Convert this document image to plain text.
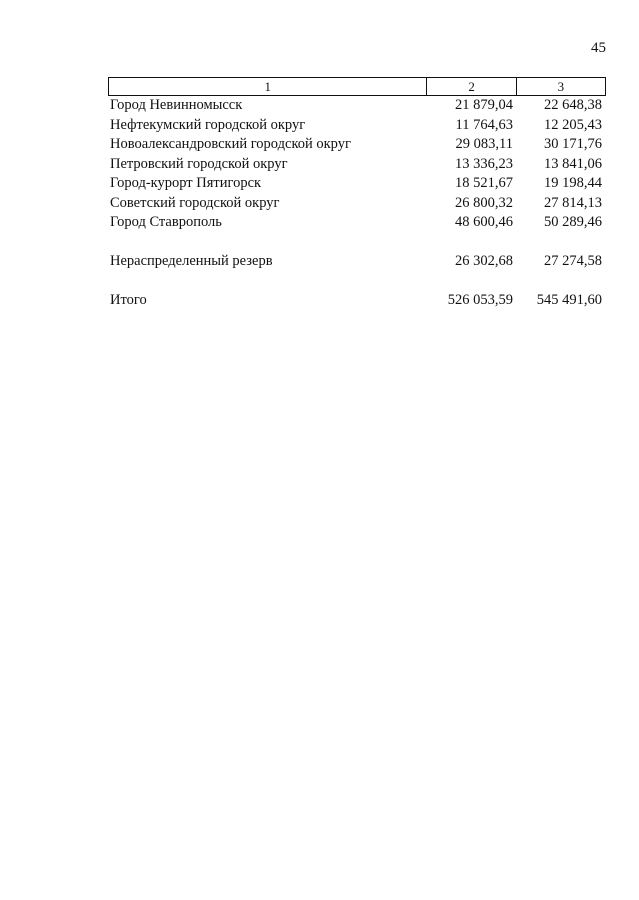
45
1	2	3
Город Невинномысск	21 879,04	22 648,38
Нефтекумский городской округ	11 764,63	12 205,43
Новоалександровский городской округ	29 083,11	30 171,76
Петровский городской округ	13 336,23	13 841,06
Город-курорт Пятигорск	18 521,67	19 198,44
Советский городской округ	26 800,32	27 814,13
Город Ставрополь	48 600,46	50 289,46
Нераспределенный резерв	26 302,68	27 274,58
Итого	526 053,59	545 491,60
